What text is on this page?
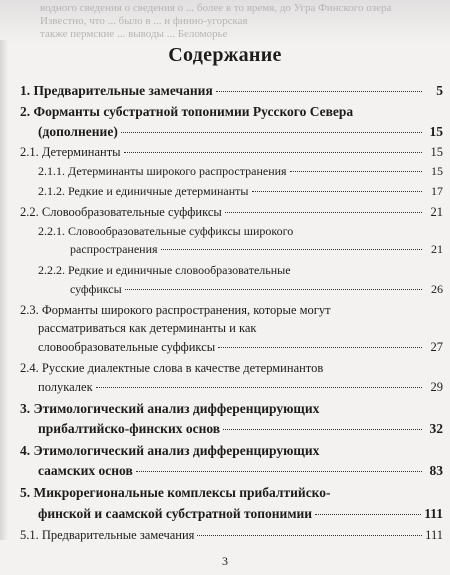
водного сведения о сведения о ... более в то время, до Угра Финского озера
Известно, что ... было в ... и финно-угорская
также пермские ... выводы ... Беломорье
Содержание
1. Предварительные замечания	5
2. Форманты субстратной топонимии Русского Севера
(дополнение)	15
2.1. Детерминанты	15
2.1.1. Детерминанты широкого распространения	15
2.1.2. Редкие и единичные детерминанты	17
2.2. Словообразовательные суффиксы	21
2.2.1. Словообразовательные суффиксы широкого
распространения	21
2.2.2. Редкие и единичные словообразовательные
суффиксы	26
2.3. Форманты широкого распространения, которые могут
рассматриваться как детерминанты и как
словообразовательные суффиксы	27
2.4. Русские диалектные слова в качестве детерминантов
полукалек	29
3. Этимологический анализ дифференцирующих
прибалтийско-финских основ	32
4. Этимологический анализ дифференцирующих
саамских основ	83
5. Микрорегиональные комплексы прибалтийско-
финской и саамской субстратной топонимии	111
5.1. Предварительные замечания	111
3
